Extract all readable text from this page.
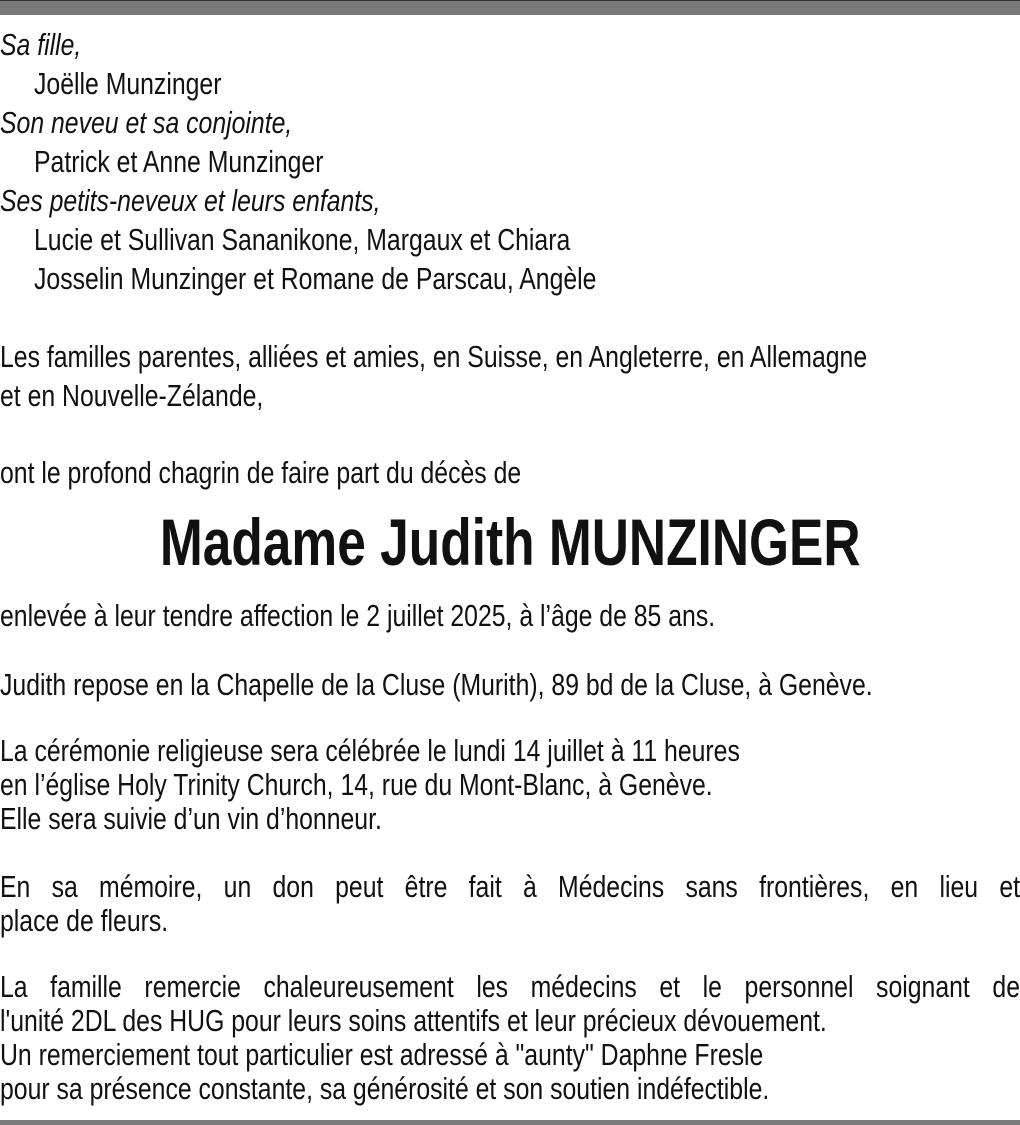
Sa fille,
Joëlle Munzinger
Son neveu et sa conjointe,
Patrick et Anne Munzinger
Ses petits-neveux et leurs enfants,
Lucie et Sullivan Sananikone, Margaux et Chiara
Josselin Munzinger et Romane de Parscau, Angèle
Les familles parentes, alliées et amies, en Suisse, en Angleterre, en Allemagne
et en Nouvelle-Zélande,
ont le profond chagrin de faire part du décès de
Madame Judith MUNZINGER
enlevée à leur tendre affection le 2 juillet 2025, à l’âge de 85 ans.
Judith repose en la Chapelle de la Cluse (Murith), 89 bd de la Cluse, à Genève.
La cérémonie religieuse sera célébrée le lundi 14 juillet à 11 heures
en l’église Holy Trinity Church, 14, rue du Mont-Blanc, à Genève.
Elle sera suivie d’un vin d’honneur.
En sa mémoire, un don peut être fait à Médecins sans frontières, en lieu et
place de fleurs.
La famille remercie chaleureusement les médecins et le personnel soignant de
l'unité 2DL des HUG pour leurs soins attentifs et leur précieux dévouement.
Un remerciement tout particulier est adressé à "aunty" Daphne Fresle
pour sa présence constante, sa générosité et son soutien indéfectible.
